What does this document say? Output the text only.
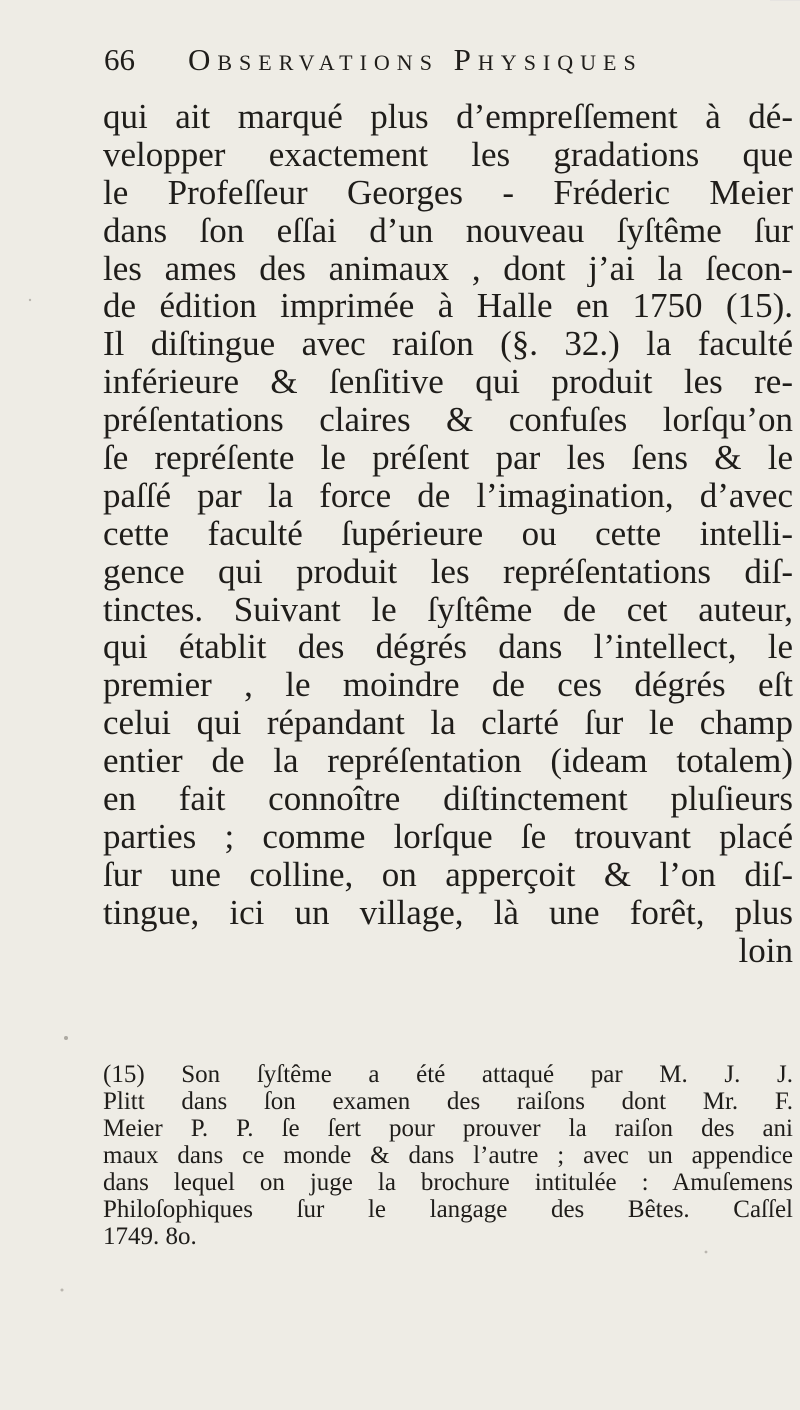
66 Observations Physiques
qui ait marqué plus d’empreſſement à dé-
velopper exactement les gradations que
le Profeſſeur Georges - Fréderic Meier
dans ſon eſſai d’un nouveau ſyſtême ſur
les ames des animaux , dont j’ai la ſecon-
de édition imprimée à Halle en 1750 (15).
Il diſtingue avec raiſon (§. 32.) la faculté
inférieure & ſenſitive qui produit les re-
préſentations claires & confuſes lorſqu’on
ſe repréſente le préſent par les ſens & le
paſſé par la force de l’imagination, d’avec
cette faculté ſupérieure ou cette intelli-
gence qui produit les repréſentations diſ-
tinctes. Suivant le ſyſtême de cet auteur,
qui établit des dégrés dans l’intellect, le
premier , le moindre de ces dégrés eſt
celui qui répandant la clarté ſur le champ
entier de la repréſentation (ideam totalem)
en fait connoître diſtinctement pluſieurs
parties ; comme lorſque ſe trouvant placé
ſur une colline, on apperçoit & l’on diſ-
tingue, ici un village, là une forêt, plus
loin
(15) Son ſyſtême a été attaqué par M. J. J.
Plitt dans ſon examen des raiſons dont Mr. F.
Meier P. P. ſe ſert pour prouver la raiſon des ani
maux dans ce monde & dans l’autre ; avec un appendice
dans lequel on juge la brochure intitulée : Amuſemens
Philoſophiques ſur le langage des Bêtes. Caſſel
1749. 8o.
